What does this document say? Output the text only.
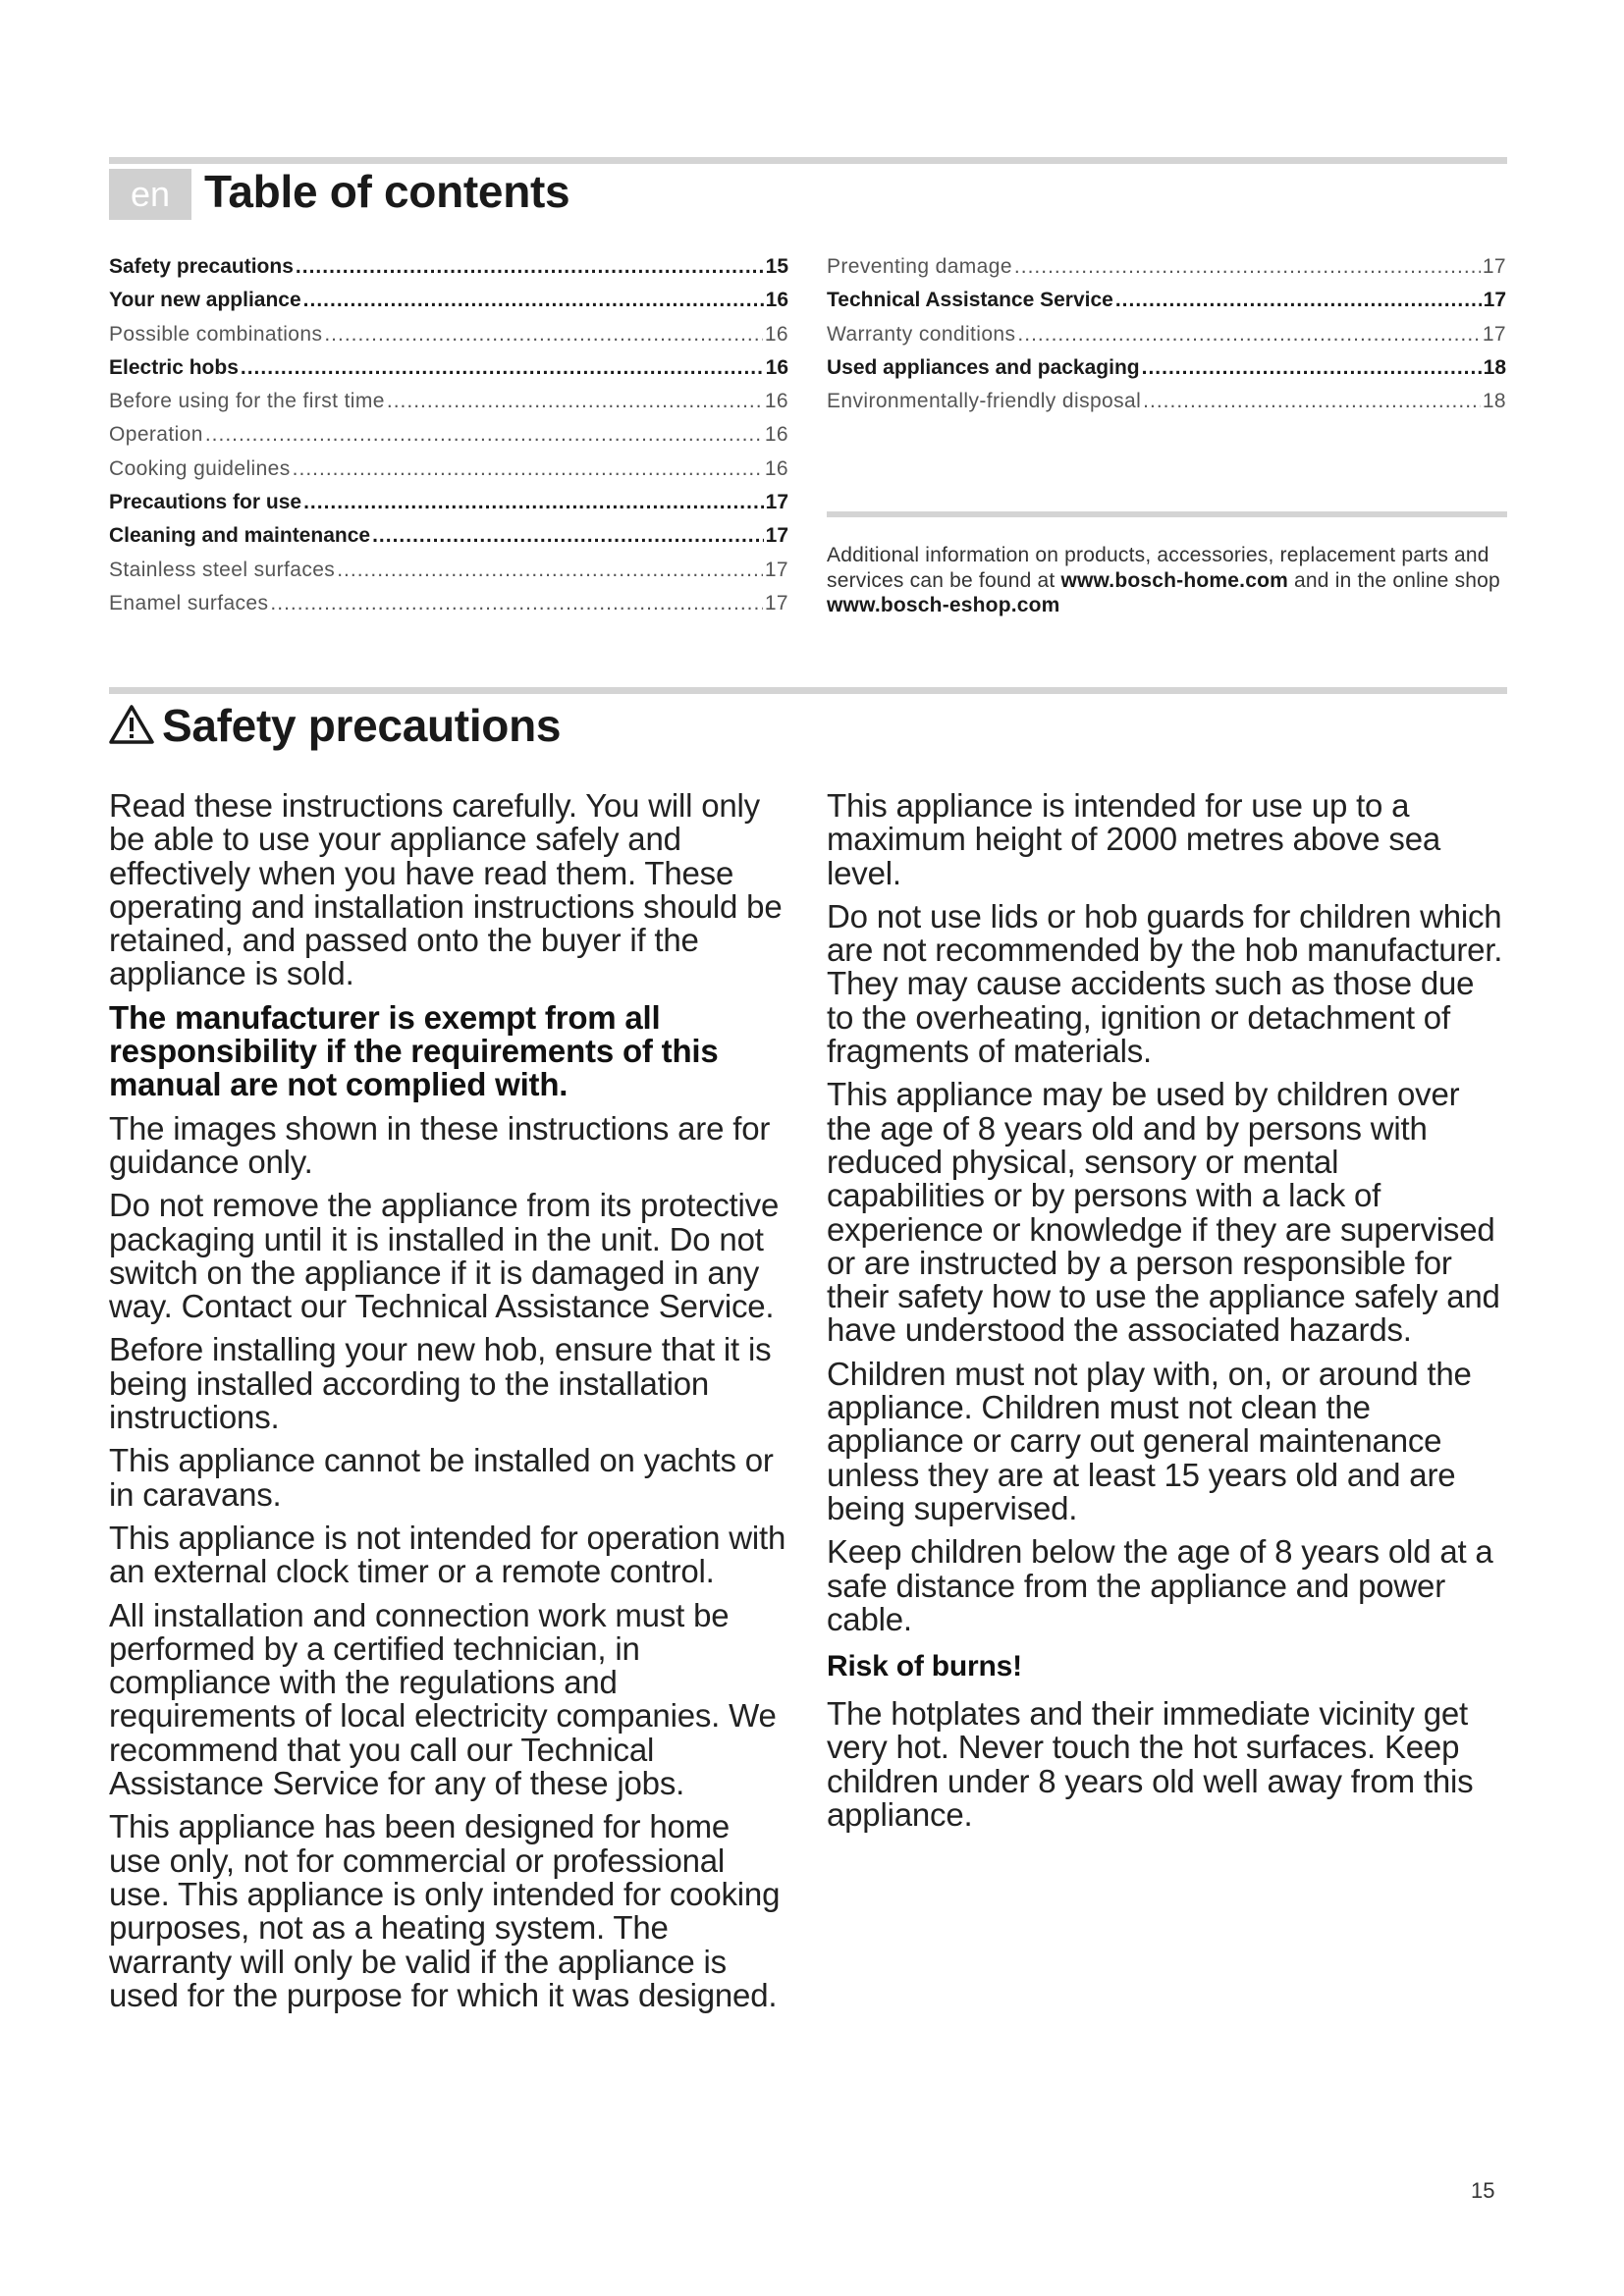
en Table of contents
Safety precautions .....	15
Your new appliance .....	16
Possible combinations .....	16
Electric hobs .....	16
Before using for the first time .....	16
Operation .....	16
Cooking guidelines .....	16
Precautions for use .....	17
Cleaning and maintenance .....	17
Stainless steel surfaces .....	17
Enamel surfaces .....	17
Preventing damage .....	17
Technical Assistance Service .....	17
Warranty conditions .....	17
Used appliances and packaging .....	18
Environmentally-friendly disposal .....	18
Additional information on products, accessories, replacement parts and services can be found at www.bosch-home.com and in the online shop www.bosch-eshop.com
Safety precautions

Read these instructions carefully. You will only be able to use your appliance safely and effectively when you have read them. These operating and installation instructions should be retained, and passed onto the buyer if the appliance is sold.

The manufacturer is exempt from all responsibility if the requirements of this manual are not complied with.

The images shown in these instructions are for guidance only.

Do not remove the appliance from its protective packaging until it is installed in the unit. Do not switch on the appliance if it is damaged in any way. Contact our Technical Assistance Service.

Before installing your new hob, ensure that it is being installed according to the installation instructions.

This appliance cannot be installed on yachts or in caravans.

This appliance is not intended for operation with an external clock timer or a remote control.

All installation and connection work must be performed by a certified technician, in compliance with the regulations and requirements of local electricity companies. We recommend that you call our Technical Assistance Service for any of these jobs.

This appliance has been designed for home use only, not for commercial or professional use. This appliance is only intended for cooking purposes, not as a heating system. The warranty will only be valid if the appliance is used for the purpose for which it was designed.

This appliance is intended for use up to a maximum height of 2000 metres above sea level.

Do not use lids or hob guards for children which are not recommended by the hob manufacturer. They may cause accidents such as those due to the overheating, ignition or detachment of fragments of materials.

This appliance may be used by children over the age of 8 years old and by persons with reduced physical, sensory or mental capabilities or by persons with a lack of experience or knowledge if they are supervised or are instructed by a person responsible for their safety how to use the appliance safely and have understood the associated hazards.

Children must not play with, on, or around the appliance. Children must not clean the appliance or carry out general maintenance unless they are at least 15 years old and are being supervised.

Keep children below the age of 8 years old at a safe distance from the appliance and power cable.

Risk of burns!

The hotplates and their immediate vicinity get very hot. Never touch the hot surfaces. Keep children under 8 years old well away from this appliance.

15
